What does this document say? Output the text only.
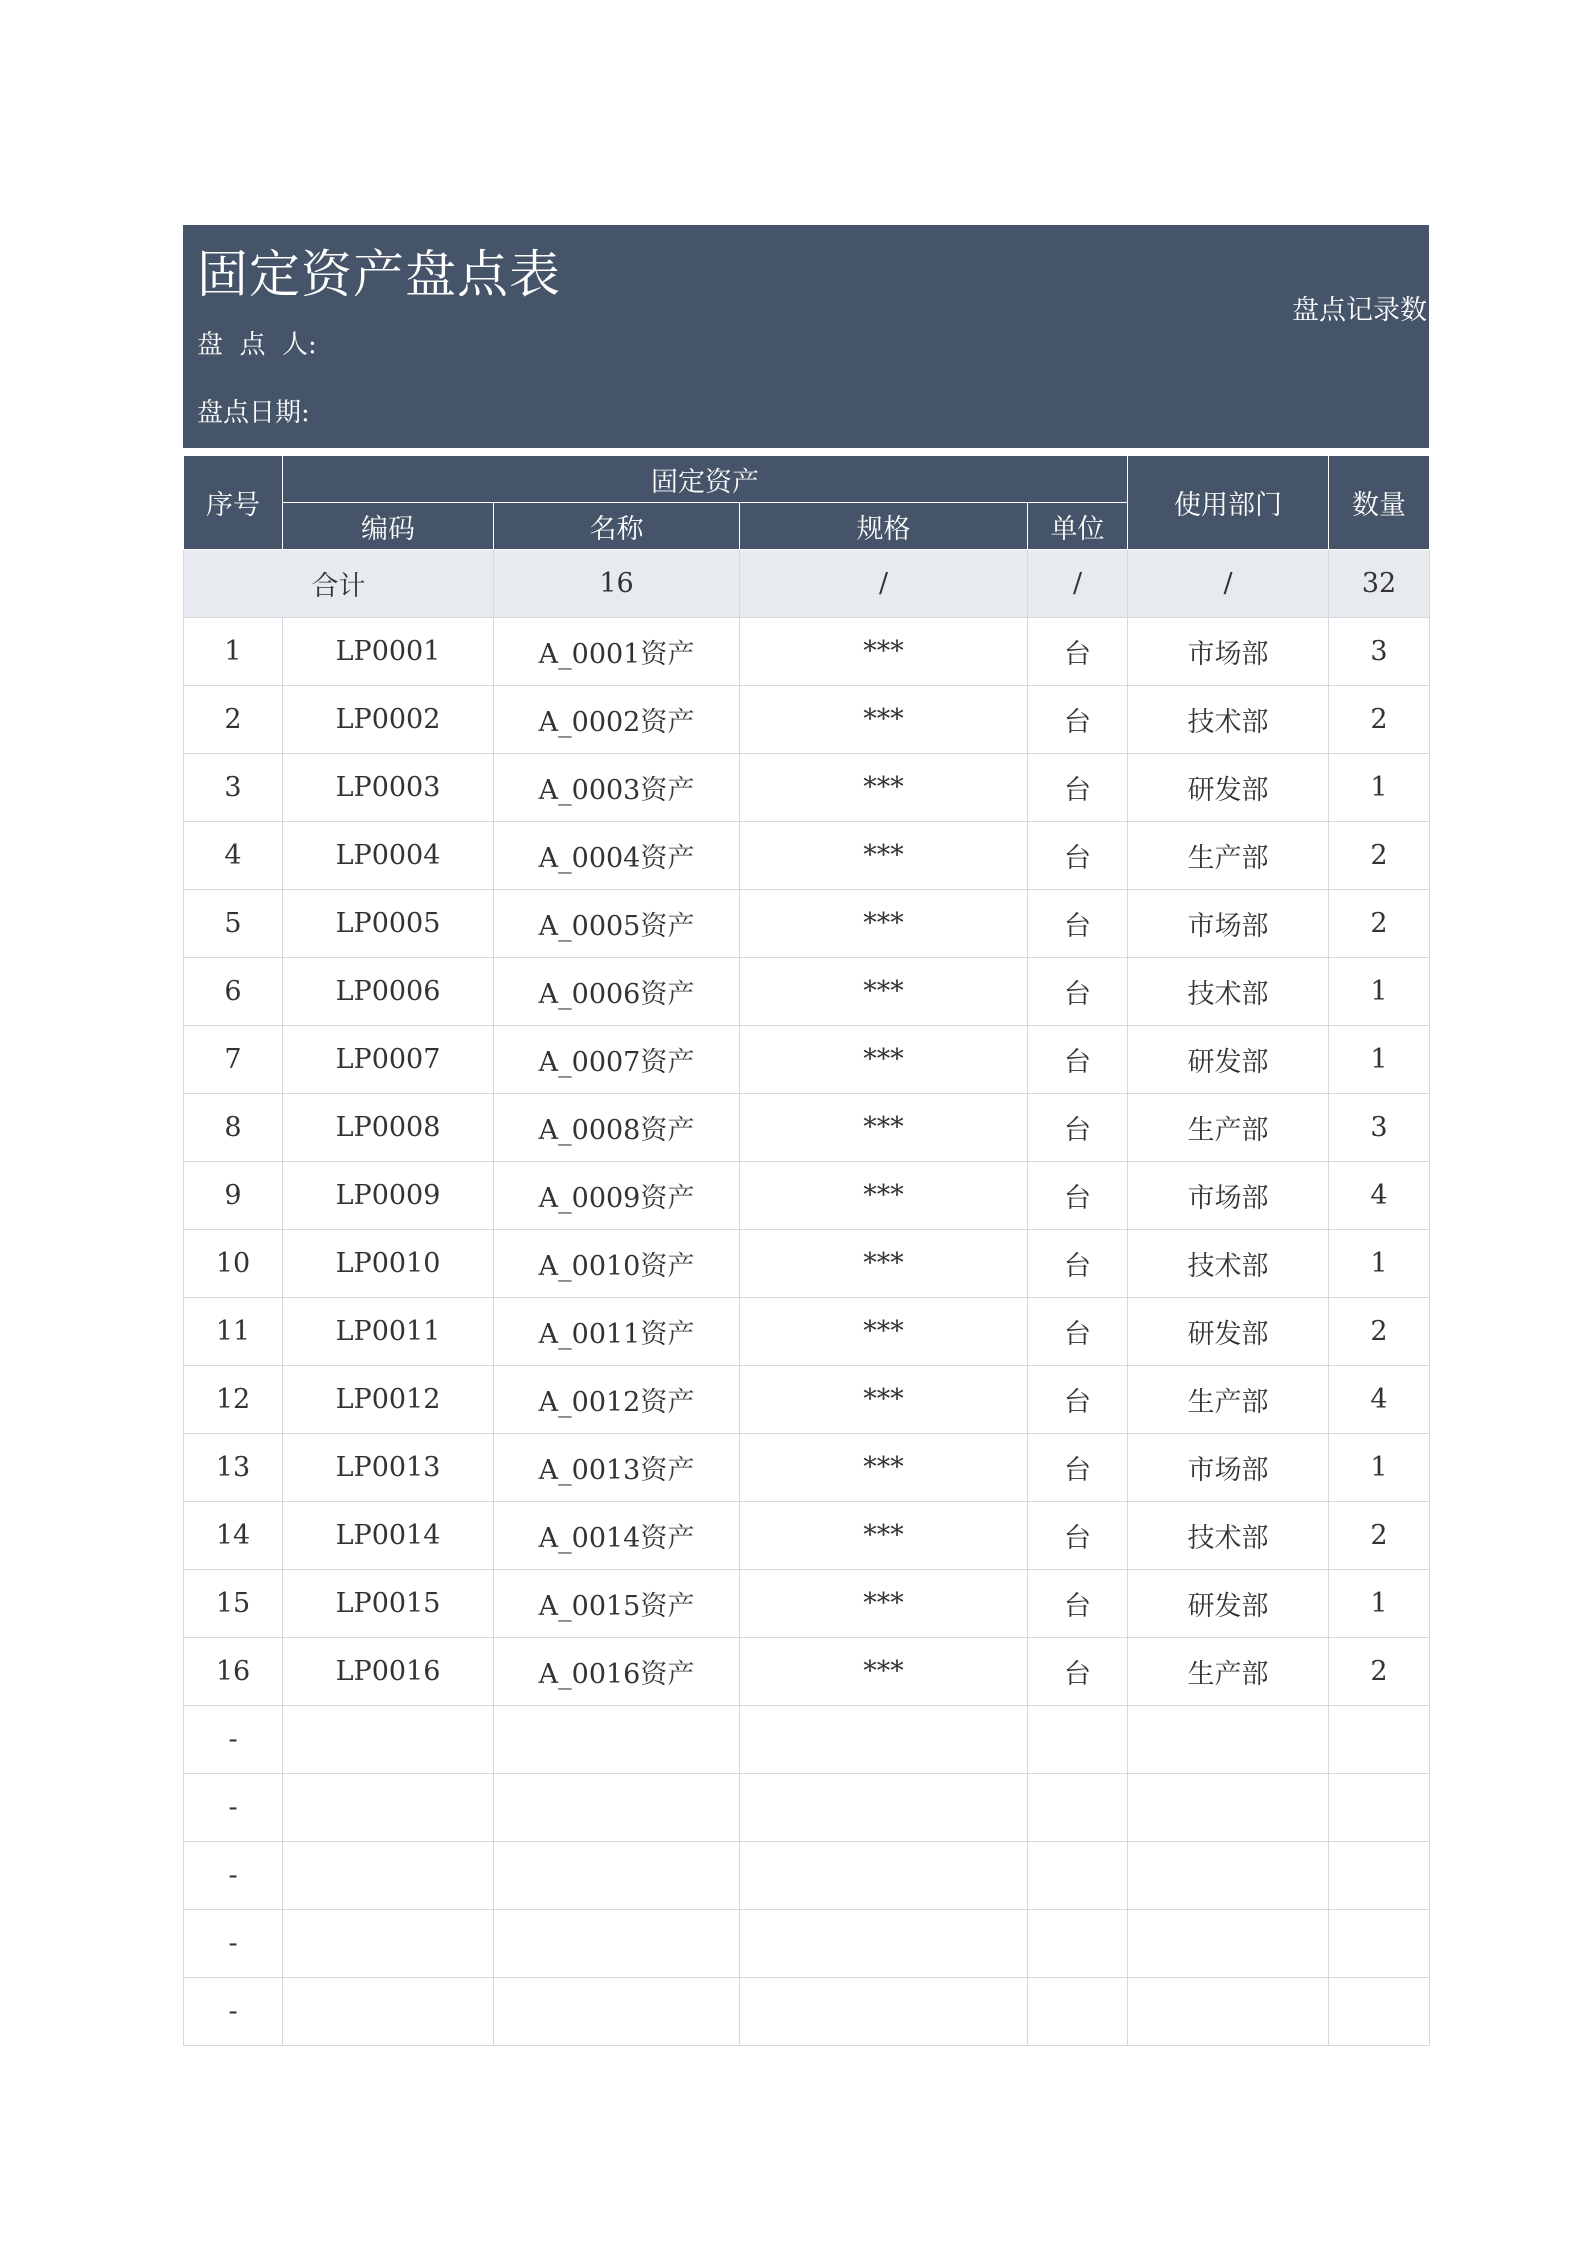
固定资产盘点表
盘  点  人:
盘点日期:
盘点记录数
序号	固定资产				使用部门	数量
	编码	名称	规格	单位		
合计		16	/	/	/	32
1	LP0001	A_0001资产	***	台	市场部	3
2	LP0002	A_0002资产	***	台	技术部	2
3	LP0003	A_0003资产	***	台	研发部	1
4	LP0004	A_0004资产	***	台	生产部	2
5	LP0005	A_0005资产	***	台	市场部	2
6	LP0006	A_0006资产	***	台	技术部	1
7	LP0007	A_0007资产	***	台	研发部	1
8	LP0008	A_0008资产	***	台	生产部	3
9	LP0009	A_0009资产	***	台	市场部	4
10	LP0010	A_0010资产	***	台	技术部	1
11	LP0011	A_0011资产	***	台	研发部	2
12	LP0012	A_0012资产	***	台	生产部	4
13	LP0013	A_0013资产	***	台	市场部	1
14	LP0014	A_0014资产	***	台	技术部	2
15	LP0015	A_0015资产	***	台	研发部	1
16	LP0016	A_0016资产	***	台	生产部	2
-						
-						
-						
-						
-						
